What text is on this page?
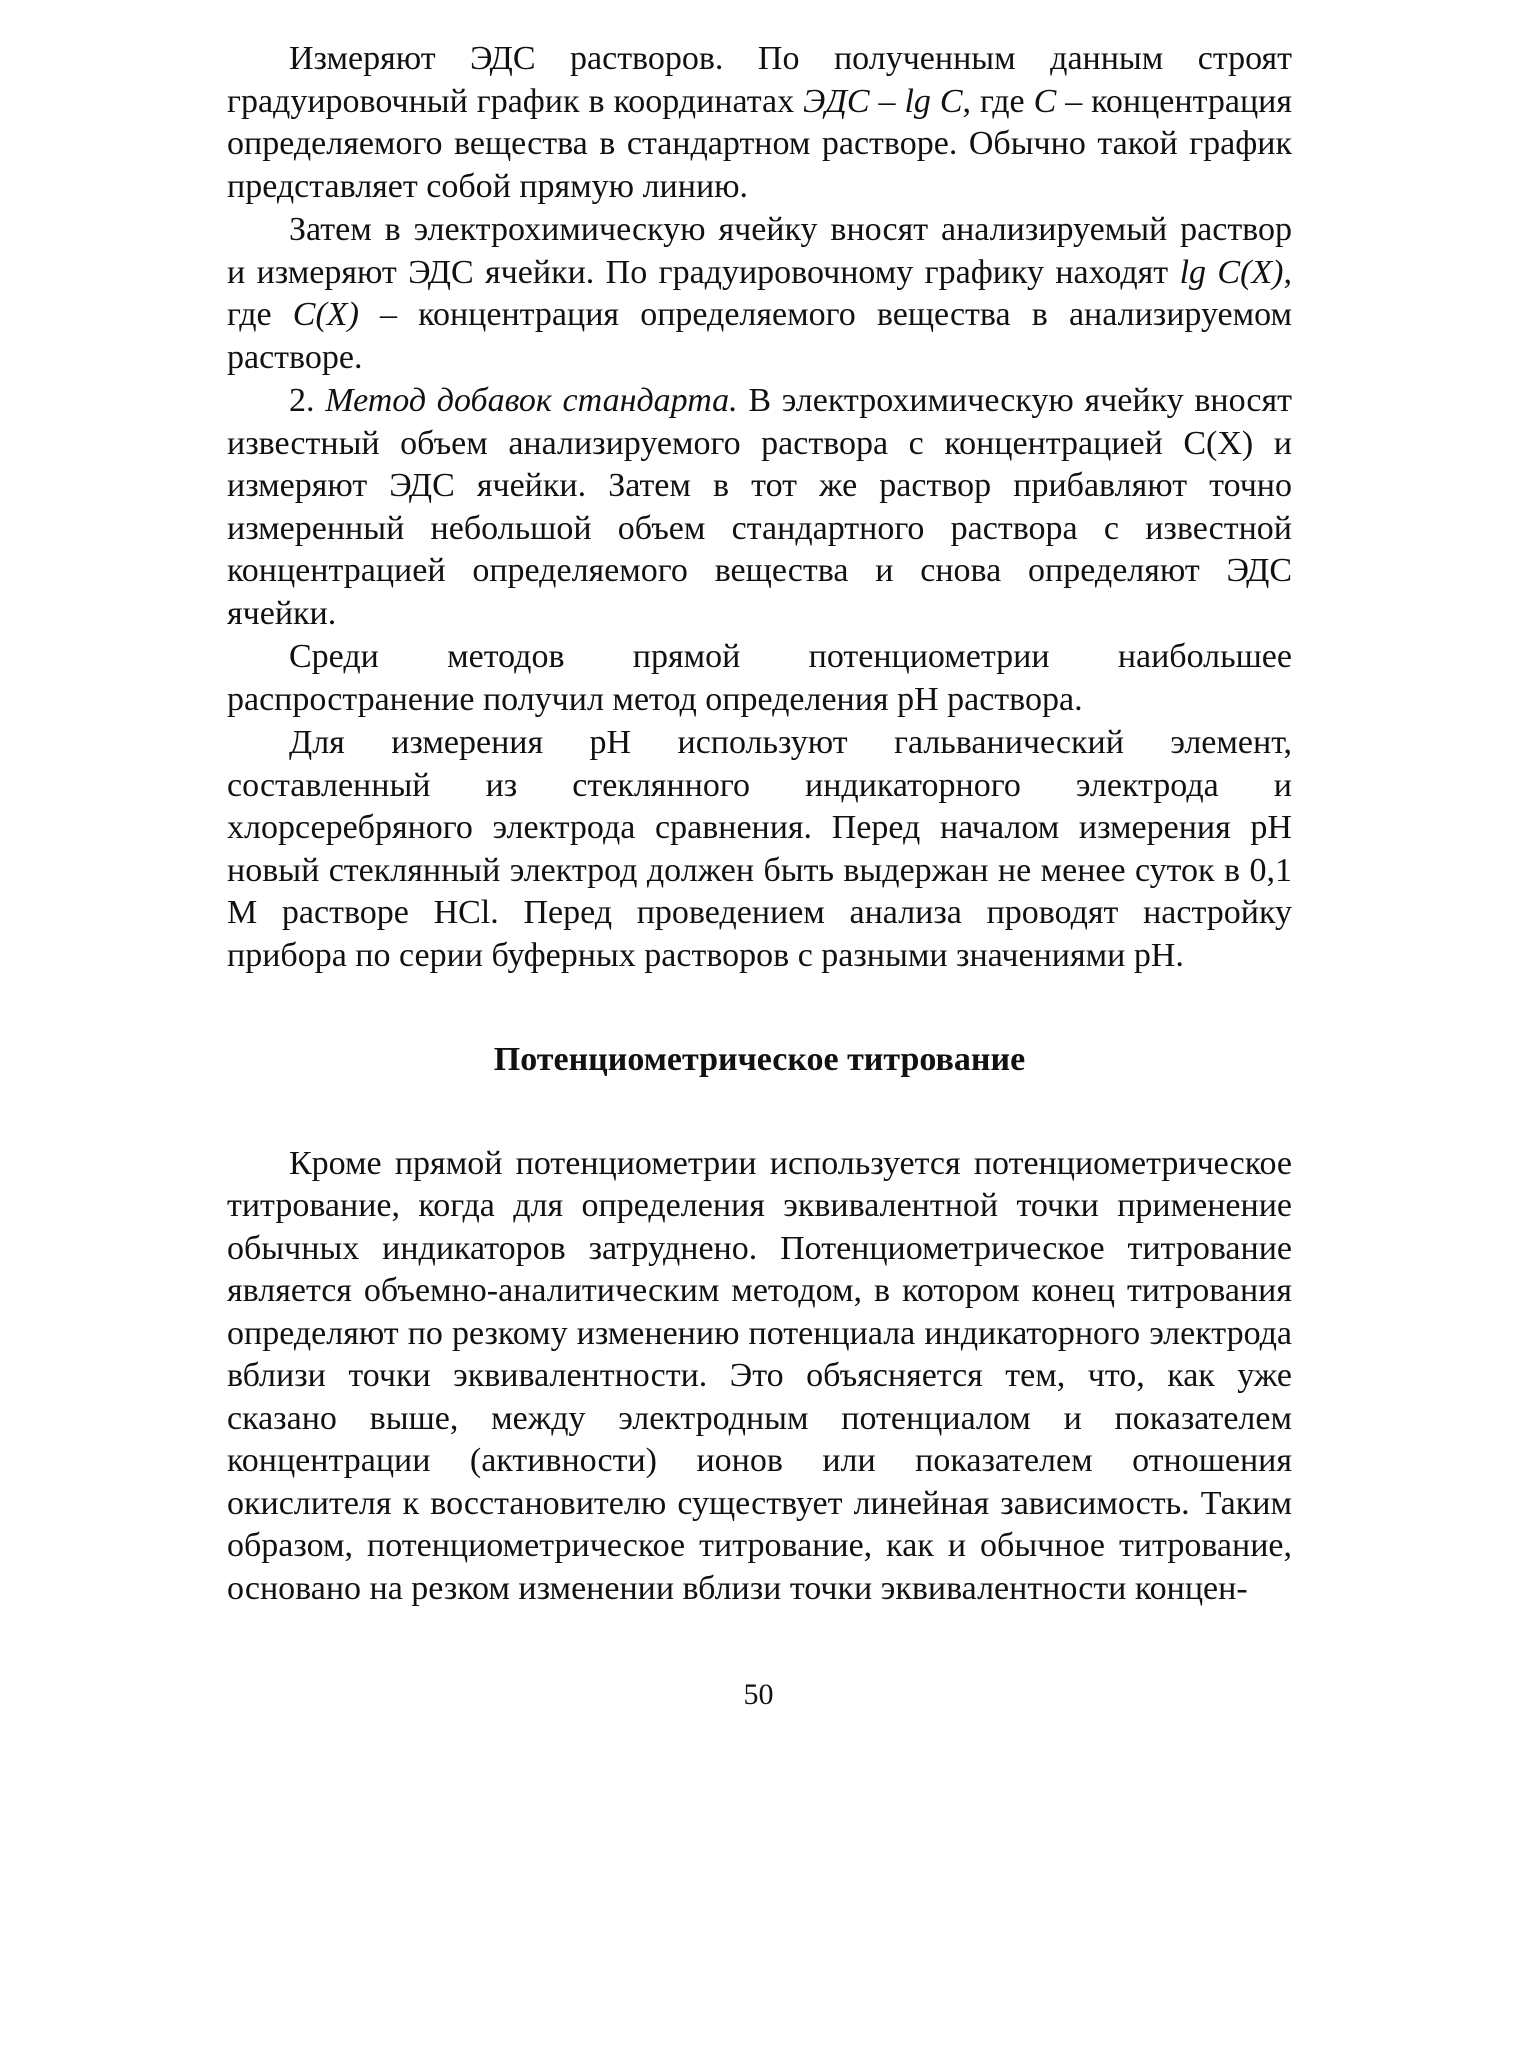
Измеряют ЭДС растворов. По полученным данным строят градуировочный график в координатах ЭДС – lg C, где C – концентрация определяемого вещества в стандартном растворе. Обычно такой график представляет собой прямую линию.

Затем в электрохимическую ячейку вносят анализируемый раствор и измеряют ЭДС ячейки. По градуировочному графику находят lg C(X), где C(X) – концентрация определяемого вещества в анализируемом растворе.

2. Метод добавок стандарта. В электрохимическую ячейку вносят известный объем анализируемого раствора с концентрацией C(X) и измеряют ЭДС ячейки. Затем в тот же раствор прибавляют точно измеренный небольшой объем стандартного раствора с известной концентрацией определяемого вещества и снова определяют ЭДС ячейки.

Среди методов прямой потенциометрии наибольшее распространение получил метод определения pH раствора.

Для измерения pH используют гальванический элемент, составленный из стеклянного индикаторного электрода и хлорсеребряного электрода сравнения. Перед началом измерения pH новый стеклянный электрод должен быть выдержан не менее суток в 0,1 М растворе HCl. Перед проведением анализа проводят настройку прибора по серии буферных растворов с разными значениями pH.

Потенциометрическое титрование

Кроме прямой потенциометрии используется потенциометрическое титрование, когда для определения эквивалентной точки применение обычных индикаторов затруднено. Потенциометрическое титрование является объемно-аналитическим методом, в котором конец титрования определяют по резкому изменению потенциала индикаторного электрода вблизи точки эквивалентности. Это объясняется тем, что, как уже сказано выше, между электродным потенциалом и показателем концентрации (активности) ионов или показателем отношения окислителя к восстановителю существует линейная зависимость. Таким образом, потенциометрическое титрование, как и обычное титрование, основано на резком изменении вблизи точки эквивалентности концен-

50
